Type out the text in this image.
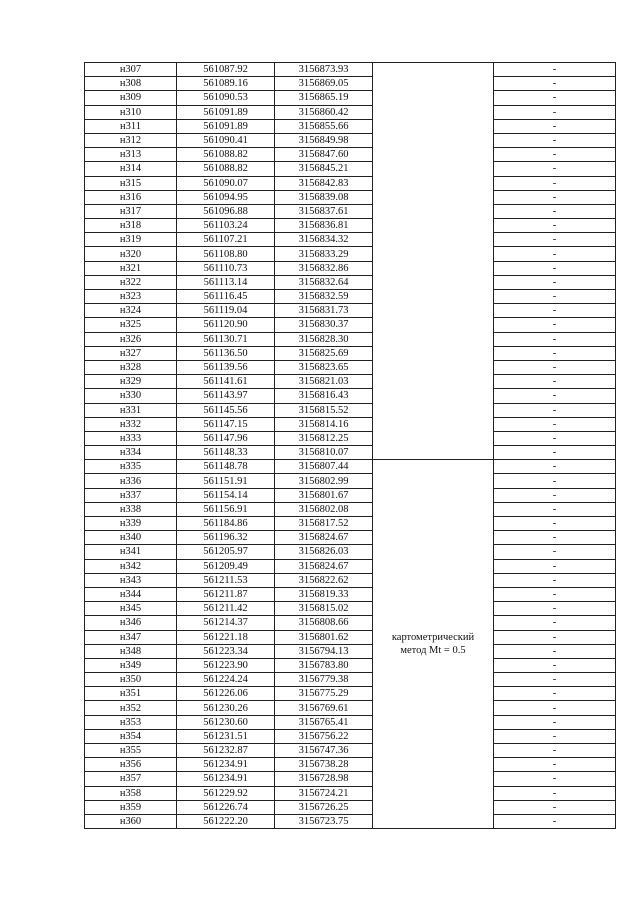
н307	561087.92	3156873.93		-
н308	561089.16	3156869.05		-
н309	561090.53	3156865.19		-
н310	561091.89	3156860.42		-
н311	561091.89	3156855.66		-
н312	561090.41	3156849.98		-
н313	561088.82	3156847.60		-
н314	561088.82	3156845.21		-
н315	561090.07	3156842.83		-
н316	561094.95	3156839.08		-
н317	561096.88	3156837.61		-
н318	561103.24	3156836.81		-
н319	561107.21	3156834.32		-
н320	561108.80	3156833.29		-
н321	561110.73	3156832.86		-
н322	561113.14	3156832.64		-
н323	561116.45	3156832.59		-
н324	561119.04	3156831.73		-
н325	561120.90	3156830.37		-
н326	561130.71	3156828.30		-
н327	561136.50	3156825.69		-
н328	561139.56	3156823.65		-
н329	561141.61	3156821.03		-
н330	561143.97	3156816.43		-
н331	561145.56	3156815.52		-
н332	561147.15	3156814.16		-
н333	561147.96	3156812.25		-
н334	561148.33	3156810.07		-
н335	561148.78	3156807.44	картометрический
метод Mt = 0.5	-
н336	561151.91	3156802.99		-
н337	561154.14	3156801.67		-
н338	561156.91	3156802.08		-
н339	561184.86	3156817.52		-
н340	561196.32	3156824.67		-
н341	561205.97	3156826.03		-
н342	561209.49	3156824.67		-
н343	561211.53	3156822.62		-
н344	561211.87	3156819.33		-
н345	561211.42	3156815.02		-
н346	561214.37	3156808.66		-
н347	561221.18	3156801.62		-
н348	561223.34	3156794.13		-
н349	561223.90	3156783.80		-
н350	561224.24	3156779.38		-
н351	561226.06	3156775.29		-
н352	561230.26	3156769.61		-
н353	561230.60	3156765.41		-
н354	561231.51	3156756.22		-
н355	561232.87	3156747.36		-
н356	561234.91	3156738.28		-
н357	561234.91	3156728.98		-
н358	561229.92	3156724.21		-
н359	561226.74	3156726.25		-
н360	561222.20	3156723.75		-
